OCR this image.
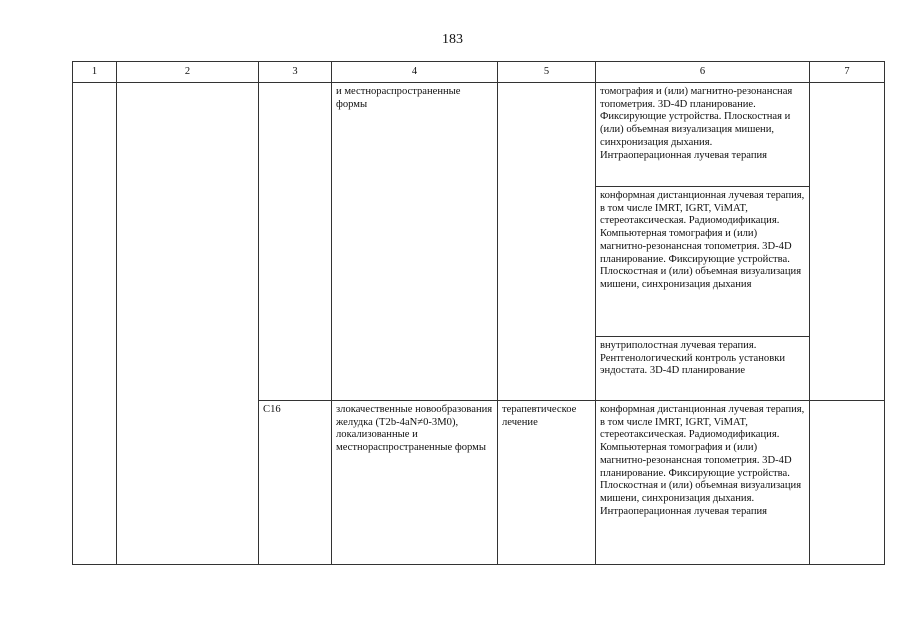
183
1	2	3	4	5	6	7
			и местнораспространенные формы		томография и (или) магнитно-резонансная топометрия. 3D-4D планирование. Фиксирующие устройства. Плоскостная и (или) объемная визуализация мишени, синхронизация дыхания. Интраоперационная лучевая терапия	
					конформная дистанционная лучевая терапия, в том числе IMRT, IGRT, ViMAT, стереотаксическая. Радиомодификация. Компьютерная томография и (или) магнитно-резонансная топометрия. 3D-4D планирование. Фиксирующие устройства. Плоскостная и (или) объемная визуализация мишени, синхронизация дыхания	
					внутриполостная лучевая терапия. Рентгенологический контроль установки эндостата. 3D-4D планирование	
		C16	злокачественные новообразования желудка (T2b-4aN≠0-3M0), локализованные и местнораспространенные формы	терапевтическое лечение	конформная дистанционная лучевая терапия, в том числе IMRT, IGRT, ViMAT, стереотаксическая. Радиомодификация. Компьютерная томография и (или) магнитно-резонансная топометрия. 3D-4D планирование. Фиксирующие устройства. Плоскостная и (или) объемная визуализация мишени, синхронизация дыхания. Интраоперационная лучевая терапия	
